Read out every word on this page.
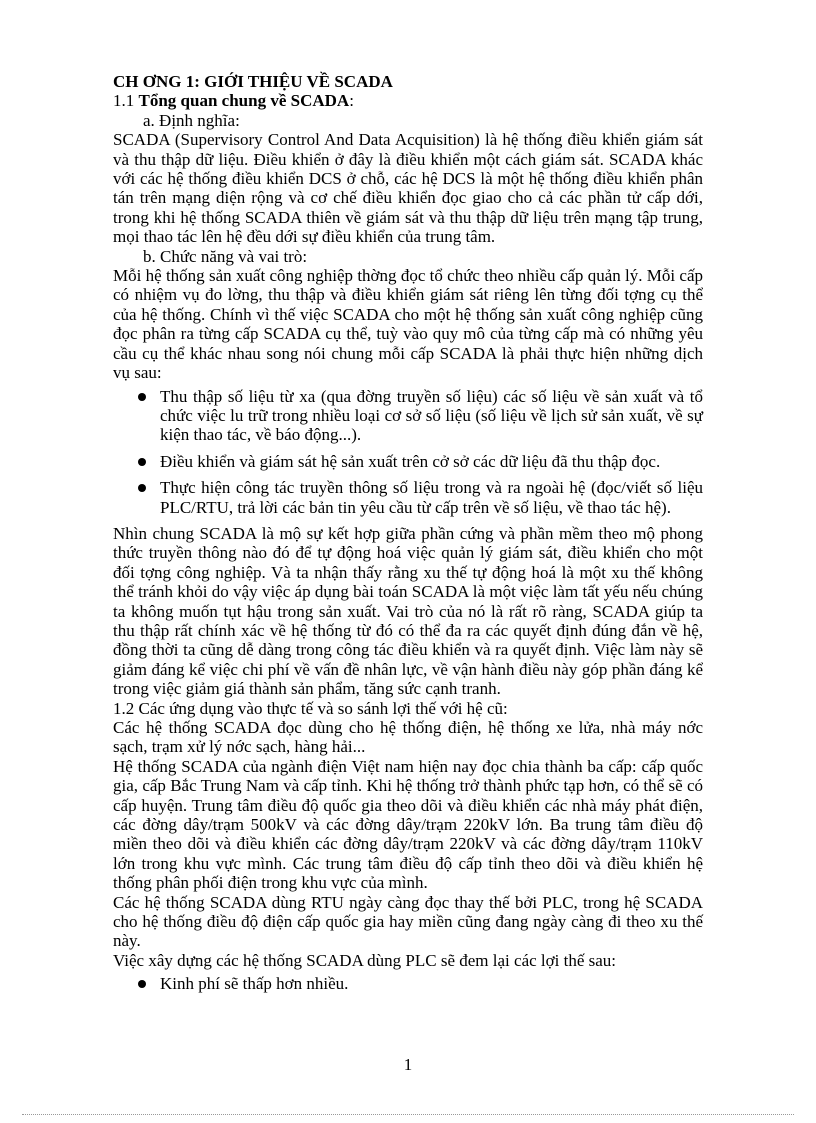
CH ƠNG 1: GIỚI THIỆU VỀ SCADA

1.1 Tổng quan chung về SCADA:

a. Định nghĩa:

SCADA (Supervisory Control And Data Acquisition) là hệ thống điều khiển giám sát và thu thập dữ liệu. Điều khiển ở đây là điều khiển một cách giám sát. SCADA khác với các hệ thống điều khiển DCS ở chỗ, các hệ DCS là một hệ thống điều khiển phân tán trên mạng diện rộng và cơ chế điều khiển đọc giao cho cả các phần tử cấp dới, trong khi hệ thống SCADA thiên về giám sát và thu thập dữ liệu trên mạng tập trung, mọi thao tác lên hệ đều dới sự điều khiển của trung tâm.

b. Chức năng và vai trò:

Mỗi hệ thống sản xuất công nghiệp thờng đọc tổ chức theo nhiều cấp quản lý. Mỗi cấp có nhiệm vụ đo lờng, thu thập và điều khiển giám sát riêng lên từng đối tợng cụ thể của hệ thống. Chính vì thế việc SCADA cho một hệ thống sản xuất công nghiệp cũng đọc phân ra từng cấp SCADA cụ thể, tuỳ vào quy mô của từng cấp mà có những yêu cầu cụ thể khác nhau song nói chung mỗi cấp SCADA là phải thực hiện những dịch vụ sau:

Thu thập số liệu từ xa (qua đờng truyền số liệu) các số liệu về sản xuất và tổ chức việc lu trữ trong nhiều loại cơ sở số liệu (số liệu về lịch sử sản xuất, về sự kiện thao tác, về báo động...).
Điều khiển và giám sát hệ sản xuất trên cở sở các dữ liệu đã thu thập đọc.
Thực hiện công tác truyền thông số liệu trong và ra ngoài hệ (đọc/viết số liệu PLC/RTU, trả lời các bản tin yêu cầu từ cấp trên về số liệu, về thao tác hệ).

Nhìn chung SCADA là mộ sự kết hợp giữa phần cứng và phần mềm theo mộ phong thức truyền thông nào đó để tự động hoá việc quản lý giám sát, điều khiển cho một đối tợng công nghiệp. Và ta nhận thấy rằng xu thế tự động hoá là một xu thế không thể tránh khỏi do vậy việc áp dụng bài toán SCADA là một việc làm tất yếu nếu chúng ta không muốn tụt hậu trong sản xuất. Vai trò của nó là rất rõ ràng, SCADA giúp ta thu thập rất chính xác về hệ thống từ đó có thể đa ra các quyết định đúng đắn về hệ, đồng thời ta cũng dễ dàng trong công tác điều khiển và ra quyết định. Việc làm này sẽ giảm đáng kể việc chi phí về vấn đề nhân lực, về vận hành điều này góp phần đáng kể trong việc giảm giá thành sản phẩm, tăng sức cạnh tranh.

1.2 Các ứng dụng vào thực tế và so sánh lợi thế với hệ cũ:

Các hệ thống SCADA đọc dùng cho hệ thống điện, hệ thống xe lửa, nhà máy nớc sạch, trạm xử lý nớc sạch, hàng hải...

Hệ thống SCADA của ngành điện Việt nam hiện nay đọc chia thành ba cấp: cấp quốc gia, cấp Bắc Trung Nam và cấp tỉnh. Khi hệ thống trở thành phức tạp hơn, có thể sẽ có cấp huyện. Trung tâm điều độ quốc gia theo dõi và điều khiển các nhà máy phát điện, các đờng dây/trạm 500kV và các đờng dây/trạm 220kV lớn. Ba trung tâm điều độ miền theo dõi và điều khiển các đờng dây/trạm 220kV và các đờng dây/trạm 110kV lớn trong khu vực mình. Các trung tâm điều độ cấp tỉnh theo dõi và điều khiển hệ thống phân phối điện trong khu vực của mình.

Các hệ thống SCADA dùng RTU ngày càng đọc thay thế bởi PLC, trong hệ SCADA cho hệ thống điều độ điện cấp quốc gia hay miền cũng đang ngày càng đi theo xu thế này.

Việc xây dựng các hệ thống SCADA dùng PLC sẽ đem lại các lợi thế sau:

Kinh phí sẽ thấp hơn nhiều.
1
